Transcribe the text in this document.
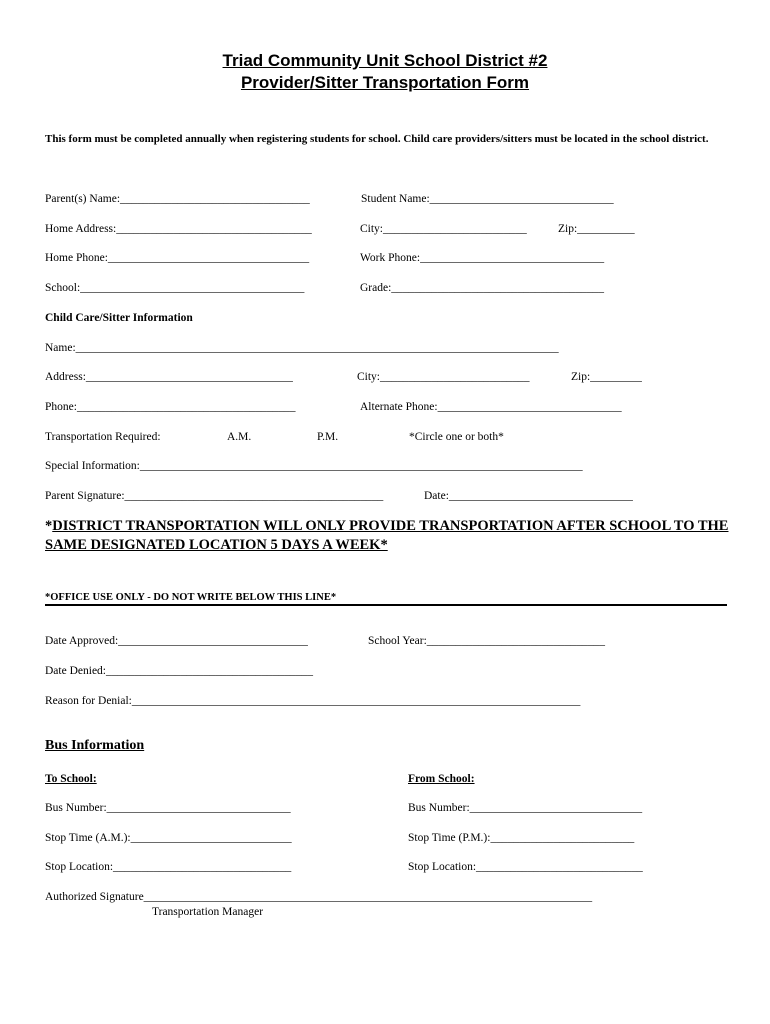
Triad Community Unit School District #2
Provider/Sitter Transportation Form
This form must be completed annually when registering students for school. Child care providers/sitters must be located in the school district.
Parent(s) Name:_________________________________	Student Name:________________________________
Home Address:__________________________________	City:_________________________	Zip:__________
Home Phone:___________________________________	Work Phone:________________________________
School:_______________________________________	Grade:_____________________________________
Child Care/Sitter Information
Name:____________________________________________________________________________________
Address:____________________________________	City:__________________________	Zip:_________
Phone:______________________________________	Alternate Phone:________________________________
Transportation Required:	A.M.	P.M.	*Circle one or both*
Special Information:_____________________________________________________________________________
Parent Signature:_____________________________________________	Date:________________________________
*DISTRICT TRANSPORTATION WILL ONLY PROVIDE TRANSPORTATION AFTER SCHOOL TO THE SAME DESIGNATED LOCATION 5 DAYS A WEEK*
*OFFICE USE ONLY - DO NOT WRITE BELOW THIS LINE*
Date Approved:_________________________________	School Year:_______________________________
Date Denied:____________________________________
Reason for Denial:______________________________________________________________________________
Bus Information
To School:	From School:
Bus Number:________________________________	Bus Number:______________________________
Stop Time (A.M.):____________________________	Stop Time (P.M.):_________________________
Stop Location:_______________________________	Stop Location:_____________________________
Authorized Signature______________________________________________________________________________
Transportation Manager
